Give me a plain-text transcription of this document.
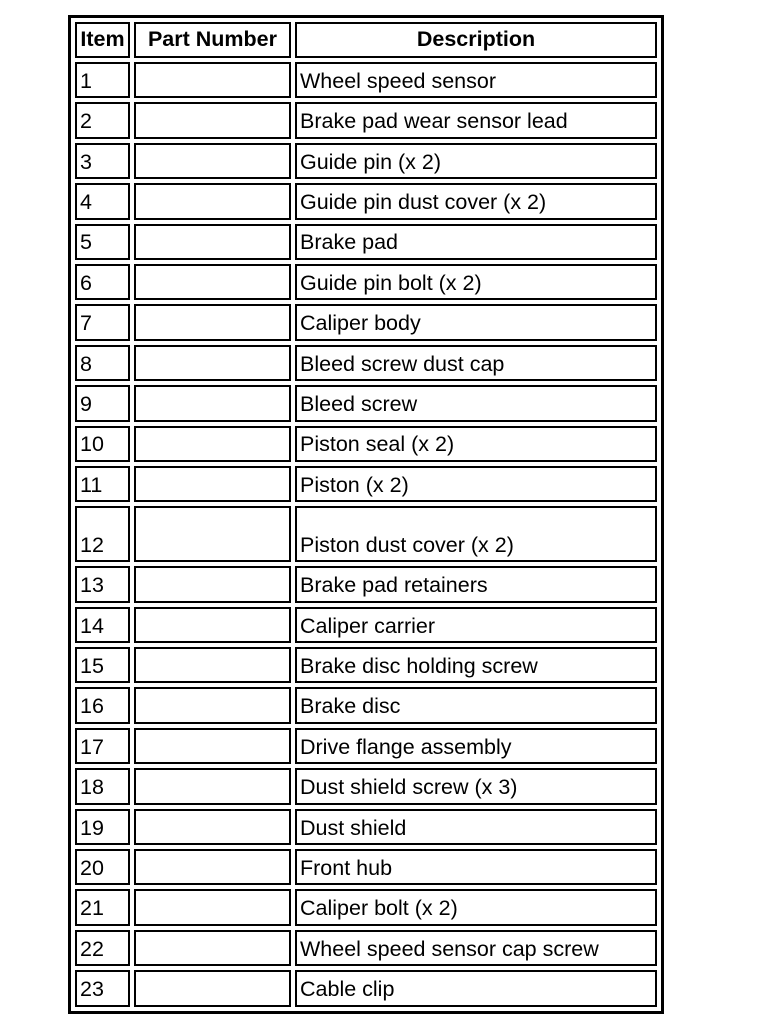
Item	Part Number	Description
1		Wheel speed sensor
2		Brake pad wear sensor lead
3		Guide pin (x 2)
4		Guide pin dust cover (x 2)
5		Brake pad
6		Guide pin bolt (x 2)
7		Caliper body
8		Bleed screw dust cap
9		Bleed screw
10		Piston seal (x 2)
11		Piston (x 2)
12		Piston dust cover (x 2)
13		Brake pad retainers
14		Caliper carrier
15		Brake disc holding screw
16		Brake disc
17		Drive flange assembly
18		Dust shield screw (x 3)
19		Dust shield
20		Front hub
21		Caliper bolt (x 2)
22		Wheel speed sensor cap screw
23		Cable clip
